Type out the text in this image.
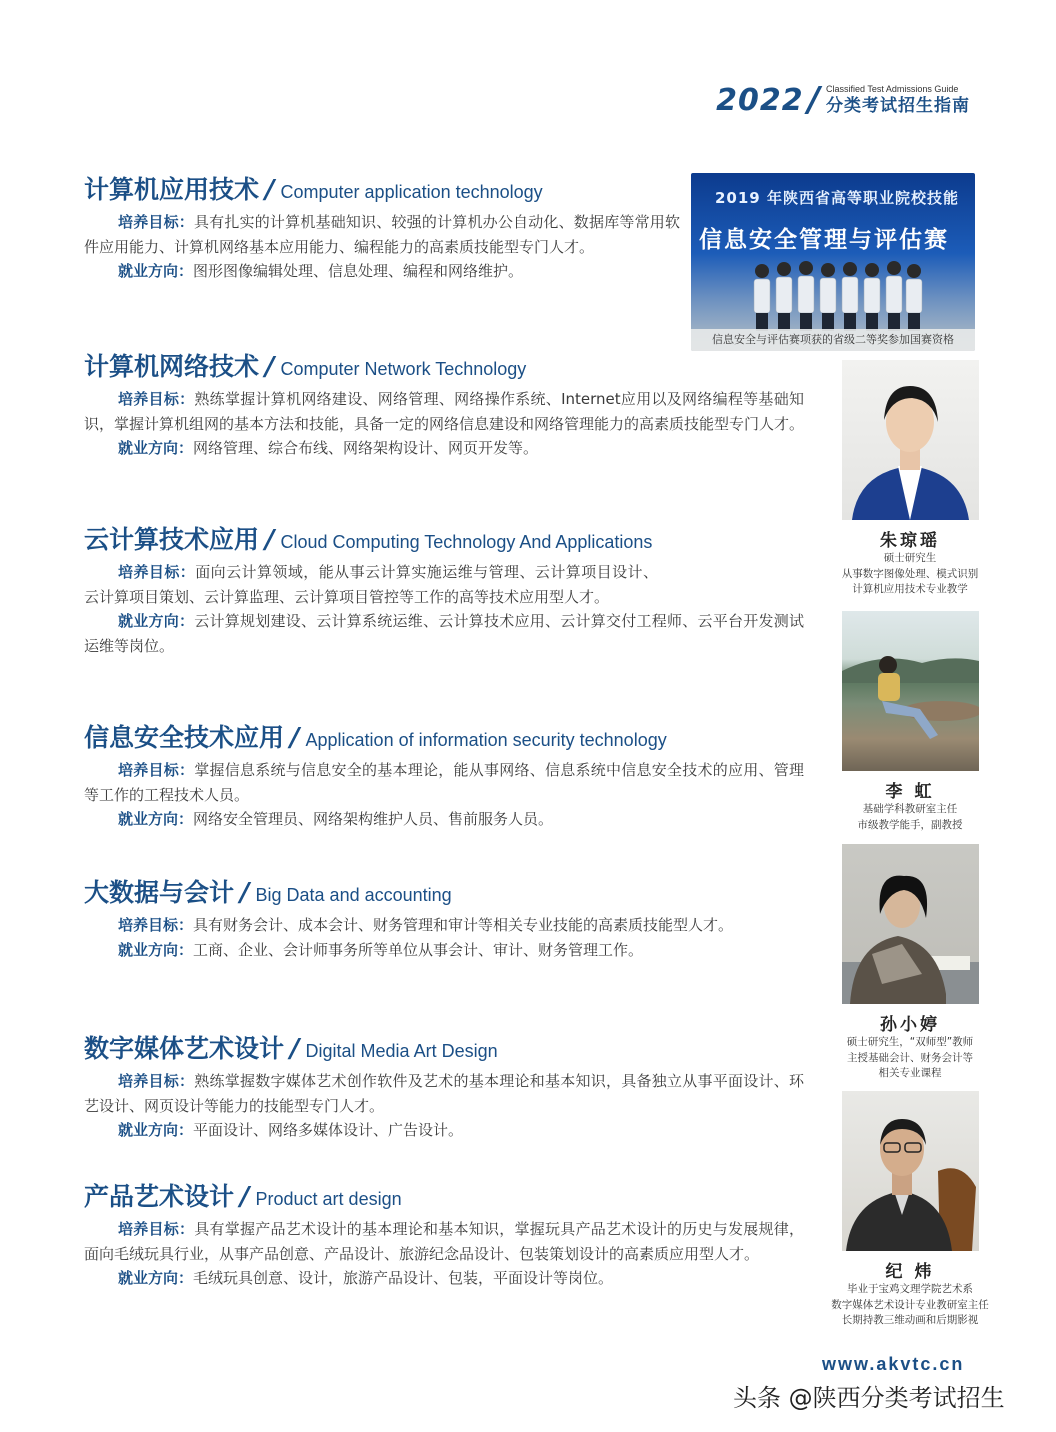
2022 / Classified Test Admissions Guide
分类考试招生指南
计算机应用技术 / Computer application technology

培养目标：具有扎实的计算机基础知识、较强的计算机办公自动化、数据库等常用软件应用能力、计算机网络基本应用能力、编程能力的高素质技能型专门人才。

就业方向：图形图像编辑处理、信息处理、编程和网络维护。

计算机网络技术 / Computer Network Technology

培养目标：熟练掌握计算机网络建设、网络管理、网络操作系统、Internet应用以及网络编程等基础知识，掌握计算机组网的基本方法和技能，具备一定的网络信息建设和网络管理能力的高素质技能型专门人才。

就业方向：网络管理、综合布线、网络架构设计、网页开发等。

云计算技术应用 / Cloud Computing Technology And Applications

培养目标：面向云计算领域，能从事云计算实施运维与管理、云计算项目设计、云计算项目策划、云计算监理、云计算项目管控等工作的高等技术应用型人才。

就业方向：云计算规划建设、云计算系统运维、云计算技术应用、云计算交付工程师、云平台开发测试运维等岗位。

信息安全技术应用 / Application of information security technology

培养目标：掌握信息系统与信息安全的基本理论，能从事网络、信息系统中信息安全技术的应用、管理等工作的工程技术人员。

就业方向：网络安全管理员、网络架构维护人员、售前服务人员。

大数据与会计 / Big Data and accounting

培养目标：具有财务会计、成本会计、财务管理和审计等相关专业技能的高素质技能型人才。

就业方向：工商、企业、会计师事务所等单位从事会计、审计、财务管理工作。

数字媒体艺术设计 / Digital Media Art Design

培养目标：熟练掌握数字媒体艺术创作软件及艺术的基本理论和基本知识，具备独立从事平面设计、环艺设计、网页设计等能力的技能型专门人才。

就业方向：平面设计、网络多媒体设计、广告设计。

产品艺术设计 / Product art design

培养目标：具有掌握产品艺术设计的基本理论和基本知识，掌握玩具产品艺术设计的历史与发展规律，面向毛绒玩具行业，从事产品创意、产品设计、旅游纪念品设计、包装策划设计的高素质应用型人才。

就业方向：毛绒玩具创意、设计，旅游产品设计、包装，平面设计等岗位。

2019 年陕西省高等职业院校技能
信息安全管理与评估赛
信息安全与评估赛项获的省级二等奖参加国赛资格
朱琼瑶
硕士研究生
从事数字图像处理、模式识别
计算机应用技术专业教学
李 虹
基础学科教研室主任
市级教学能手，副教授
孙小婷
硕士研究生，“双师型”教师
主授基础会计、财务会计等
相关专业课程
纪 炜
毕业于宝鸡文理学院艺术系
数字媒体艺术设计专业教研室主任
长期持教三维动画和后期影视
www.akvtc.cn
头条 @陕西分类考试招生
